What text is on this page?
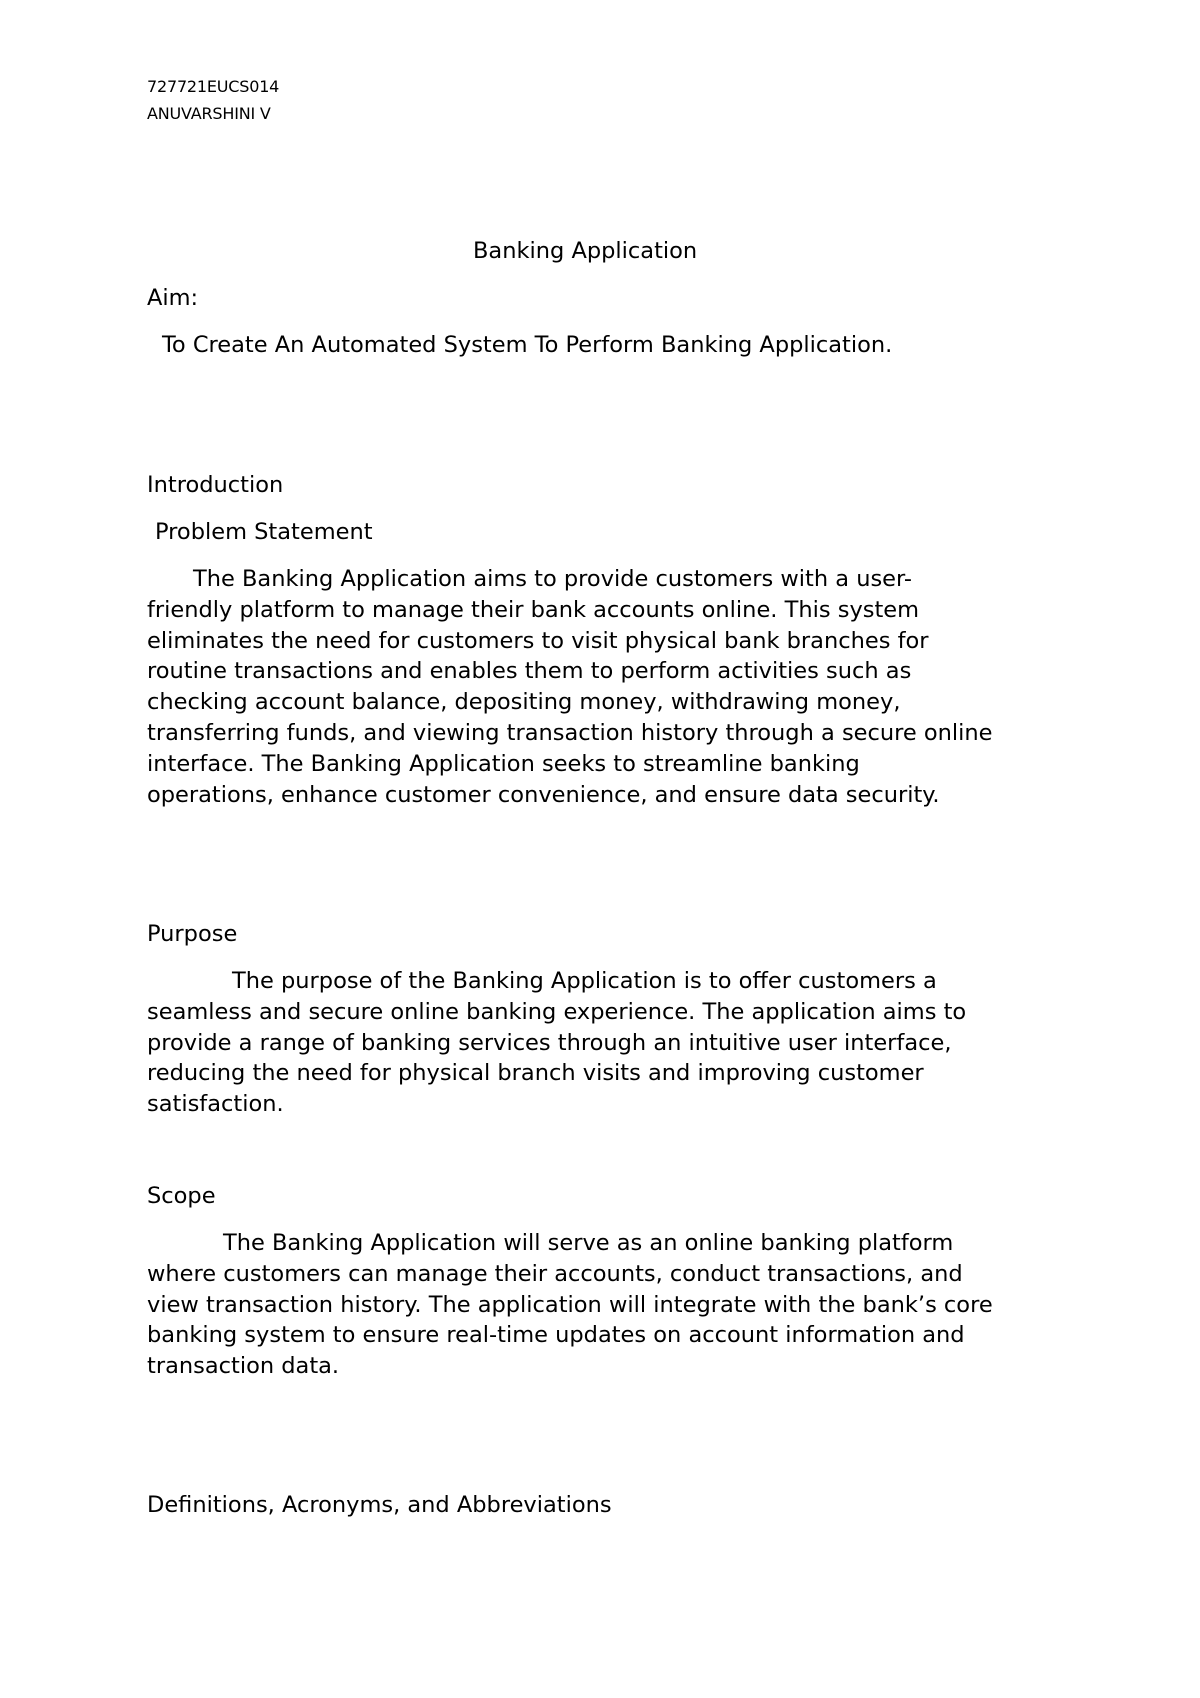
727721EUCS014
ANUVARSHINI V
Banking Application
Aim:
To Create An Automated System To Perform Banking Application.
Introduction
Problem Statement
The Banking Application aims to provide customers with a user-
friendly platform to manage their bank accounts online. This system
eliminates the need for customers to visit physical bank branches for
routine transactions and enables them to perform activities such as
checking account balance, depositing money, withdrawing money,
transferring funds, and viewing transaction history through a secure online
interface. The Banking Application seeks to streamline banking
operations, enhance customer convenience, and ensure data security.
Purpose
The purpose of the Banking Application is to offer customers a
seamless and secure online banking experience. The application aims to
provide a range of banking services through an intuitive user interface,
reducing the need for physical branch visits and improving customer
satisfaction.
Scope
The Banking Application will serve as an online banking platform
where customers can manage their accounts, conduct transactions, and
view transaction history. The application will integrate with the bank’s core
banking system to ensure real-time updates on account information and
transaction data.
Definitions, Acronyms, and Abbreviations
